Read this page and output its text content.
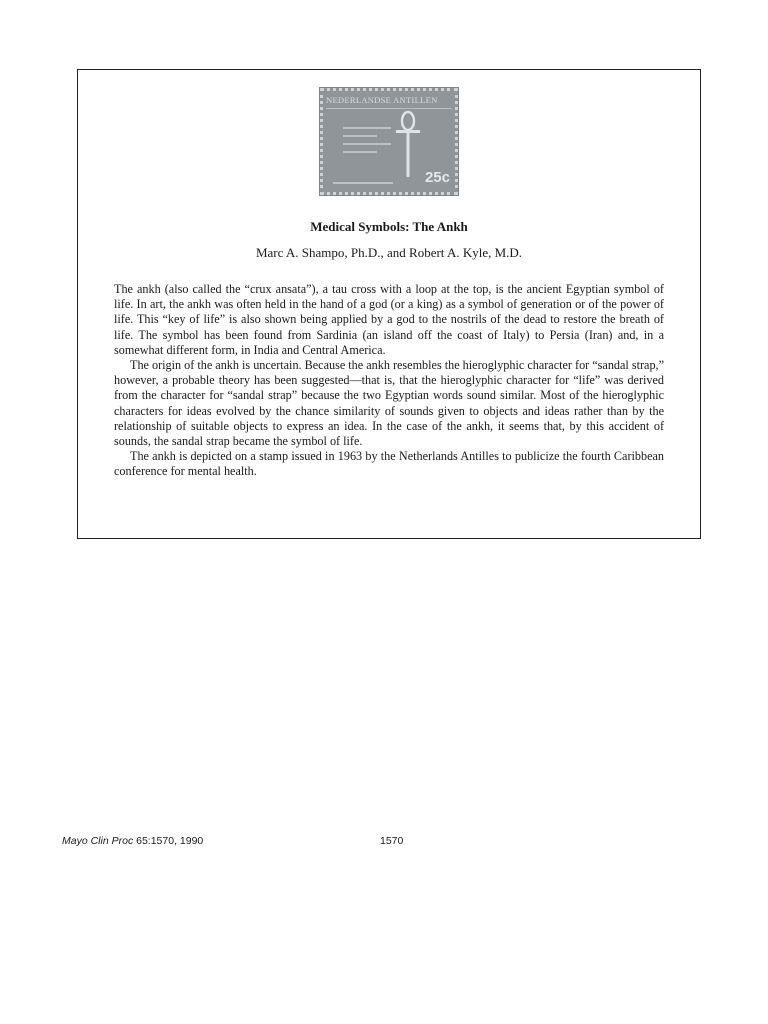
NEDERLANDSE ANTILLEN
25c
Medical Symbols: The Ankh
Marc A. Shampo, Ph.D., and Robert A. Kyle, M.D.

The ankh (also called the “crux ansata”), a tau cross with a loop at the top, is the ancient Egyptian symbol of life. In art, the ankh was often held in the hand of a god (or a king) as a symbol of generation or of the power of life. This “key of life” is also shown being applied by a god to the nostrils of the dead to restore the breath of life. The symbol has been found from Sardinia (an island off the coast of Italy) to Persia (Iran) and, in a somewhat different form, in India and Central America.

The origin of the ankh is uncertain. Because the ankh resembles the hieroglyphic character for “sandal strap,” however, a probable theory has been suggested—that is, that the hieroglyphic character for “life” was derived from the character for “sandal strap” because the two Egyptian words sound similar. Most of the hieroglyphic characters for ideas evolved by the chance similarity of sounds given to objects and ideas rather than by the relationship of suitable objects to express an idea. In the case of the ankh, it seems that, by this accident of sounds, the sandal strap became the symbol of life.

The ankh is depicted on a stamp issued in 1963 by the Netherlands Antilles to publicize the fourth Caribbean conference for mental health.

Mayo Clin Proc 65:1570, 1990	1570
